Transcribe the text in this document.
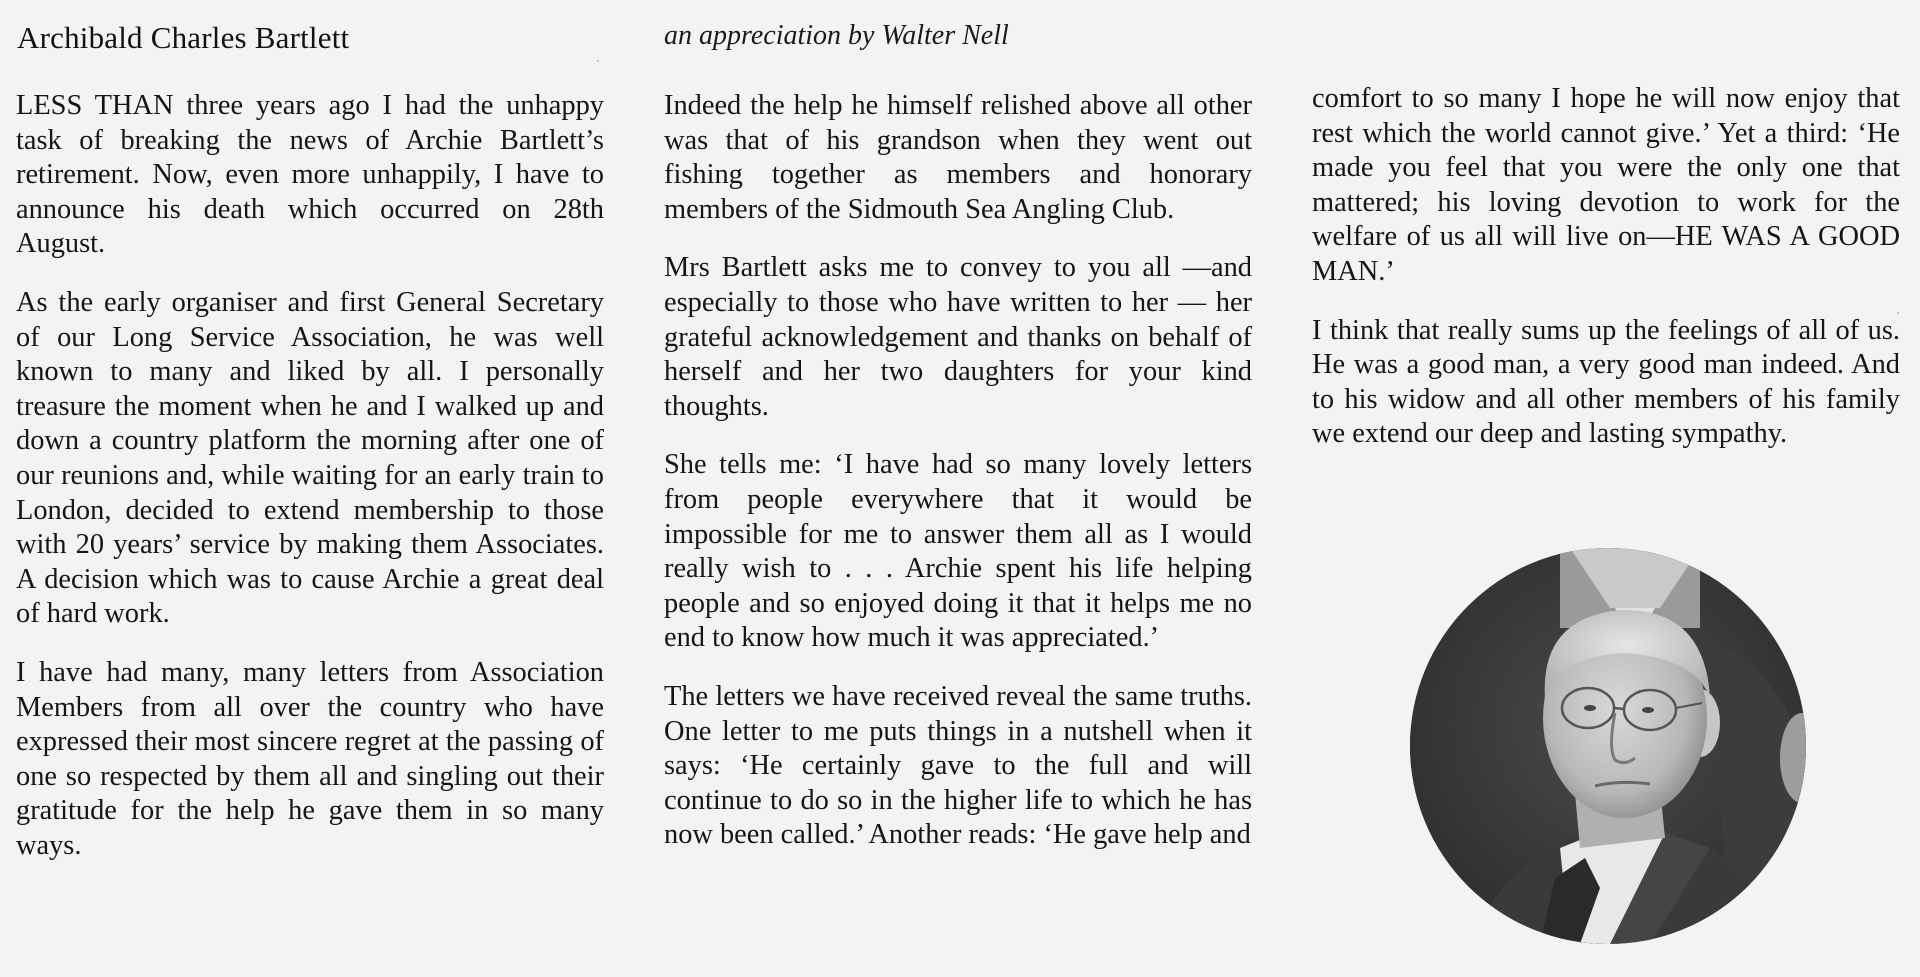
Archibald Charles Bartlett	an appreciation by Walter Nell

LESS THAN three years ago I had the unhappy task of breaking the news of Archie Bartlett’s retirement. Now, even more unhappily, I have to announce his death which occurred on 28th August.

As the early organiser and first General Secretary of our Long Service Association, he was well known to many and liked by all. I personally treasure the moment when he and I walked up and down a country platform the morning after one of our reunions and, while waiting for an early train to London, decided to extend membership to those with 20 years’ service by making them Associates. A decision which was to cause Archie a great deal of hard work.

I have had many, many letters from Association Members from all over the country who have expressed their most sincere regret at the passing of one so respected by them all and singling out their gratitude for the help he gave them in so many ways.

Indeed the help he himself relished above all other was that of his grandson when they went out fishing together as members and honorary members of the Sidmouth Sea Angling Club.

Mrs Bartlett asks me to convey to you all —and especially to those who have written to her — her grateful acknowledgement and thanks on behalf of herself and her two daughters for your kind thoughts.

She tells me: ‘I have had so many lovely letters from people everywhere that it would be impossible for me to answer them all as I would really wish to . . . Archie spent his life helping people and so enjoyed doing it that it helps me no end to know how much it was appreciated.’

The letters we have received reveal the same truths. One letter to me puts things in a nutshell when it says: ‘He certainly gave to the full and will continue to do so in the higher life to which he has now been called.’ Another reads: ‘He gave help and

comfort to so many I hope he will now enjoy that rest which the world cannot give.’ Yet a third: ‘He made you feel that you were the only one that mattered; his loving devotion to work for the welfare of us all will live on—HE WAS A GOOD MAN.’

I think that really sums up the feelings of all of us. He was a good man, a very good man indeed. And to his widow and all other members of his family we extend our deep and lasting sympathy.
